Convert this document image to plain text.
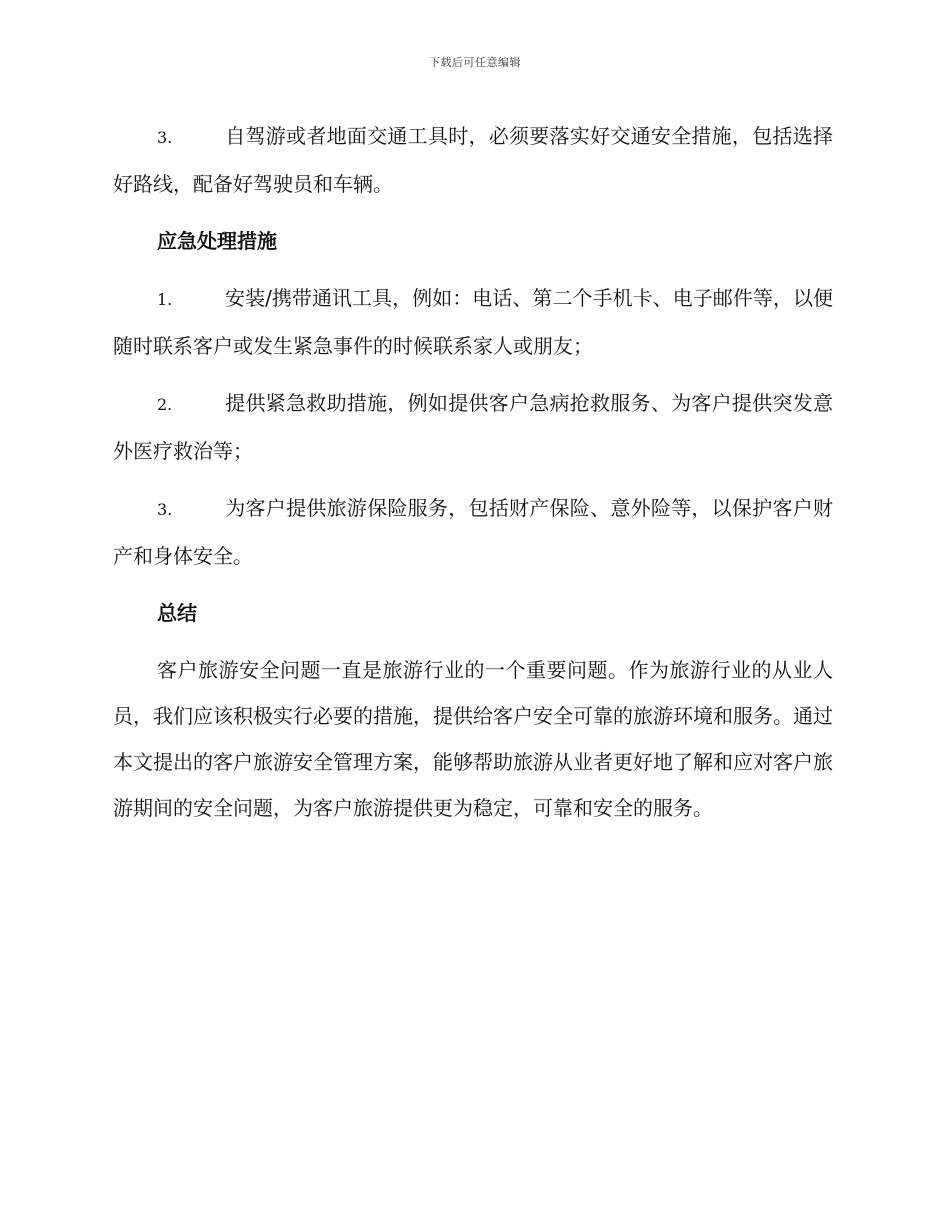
下载后可任意编辑

3.	自驾游或者地面交通工具时，必须要落实好交通安全措施，包括选择好路线，配备好驾驶员和车辆。

应急处理措施

1.	安装/携带通讯工具，例如：电话、第二个手机卡、电子邮件等，以便随时联系客户或发生紧急事件的时候联系家人或朋友；

2.	提供紧急救助措施，例如提供客户急病抢救服务、为客户提供突发意外医疗救治等；

3.	为客户提供旅游保险服务，包括财产保险、意外险等，以保护客户财产和身体安全。

总结

客户旅游安全问题一直是旅游行业的一个重要问题。作为旅游行业的从业人员，我们应该积极实行必要的措施，提供给客户安全可靠的旅游环境和服务。通过本文提出的客户旅游安全管理方案，能够帮助旅游从业者更好地了解和应对客户旅游期间的安全问题，为客户旅游提供更为稳定，可靠和安全的服务。
